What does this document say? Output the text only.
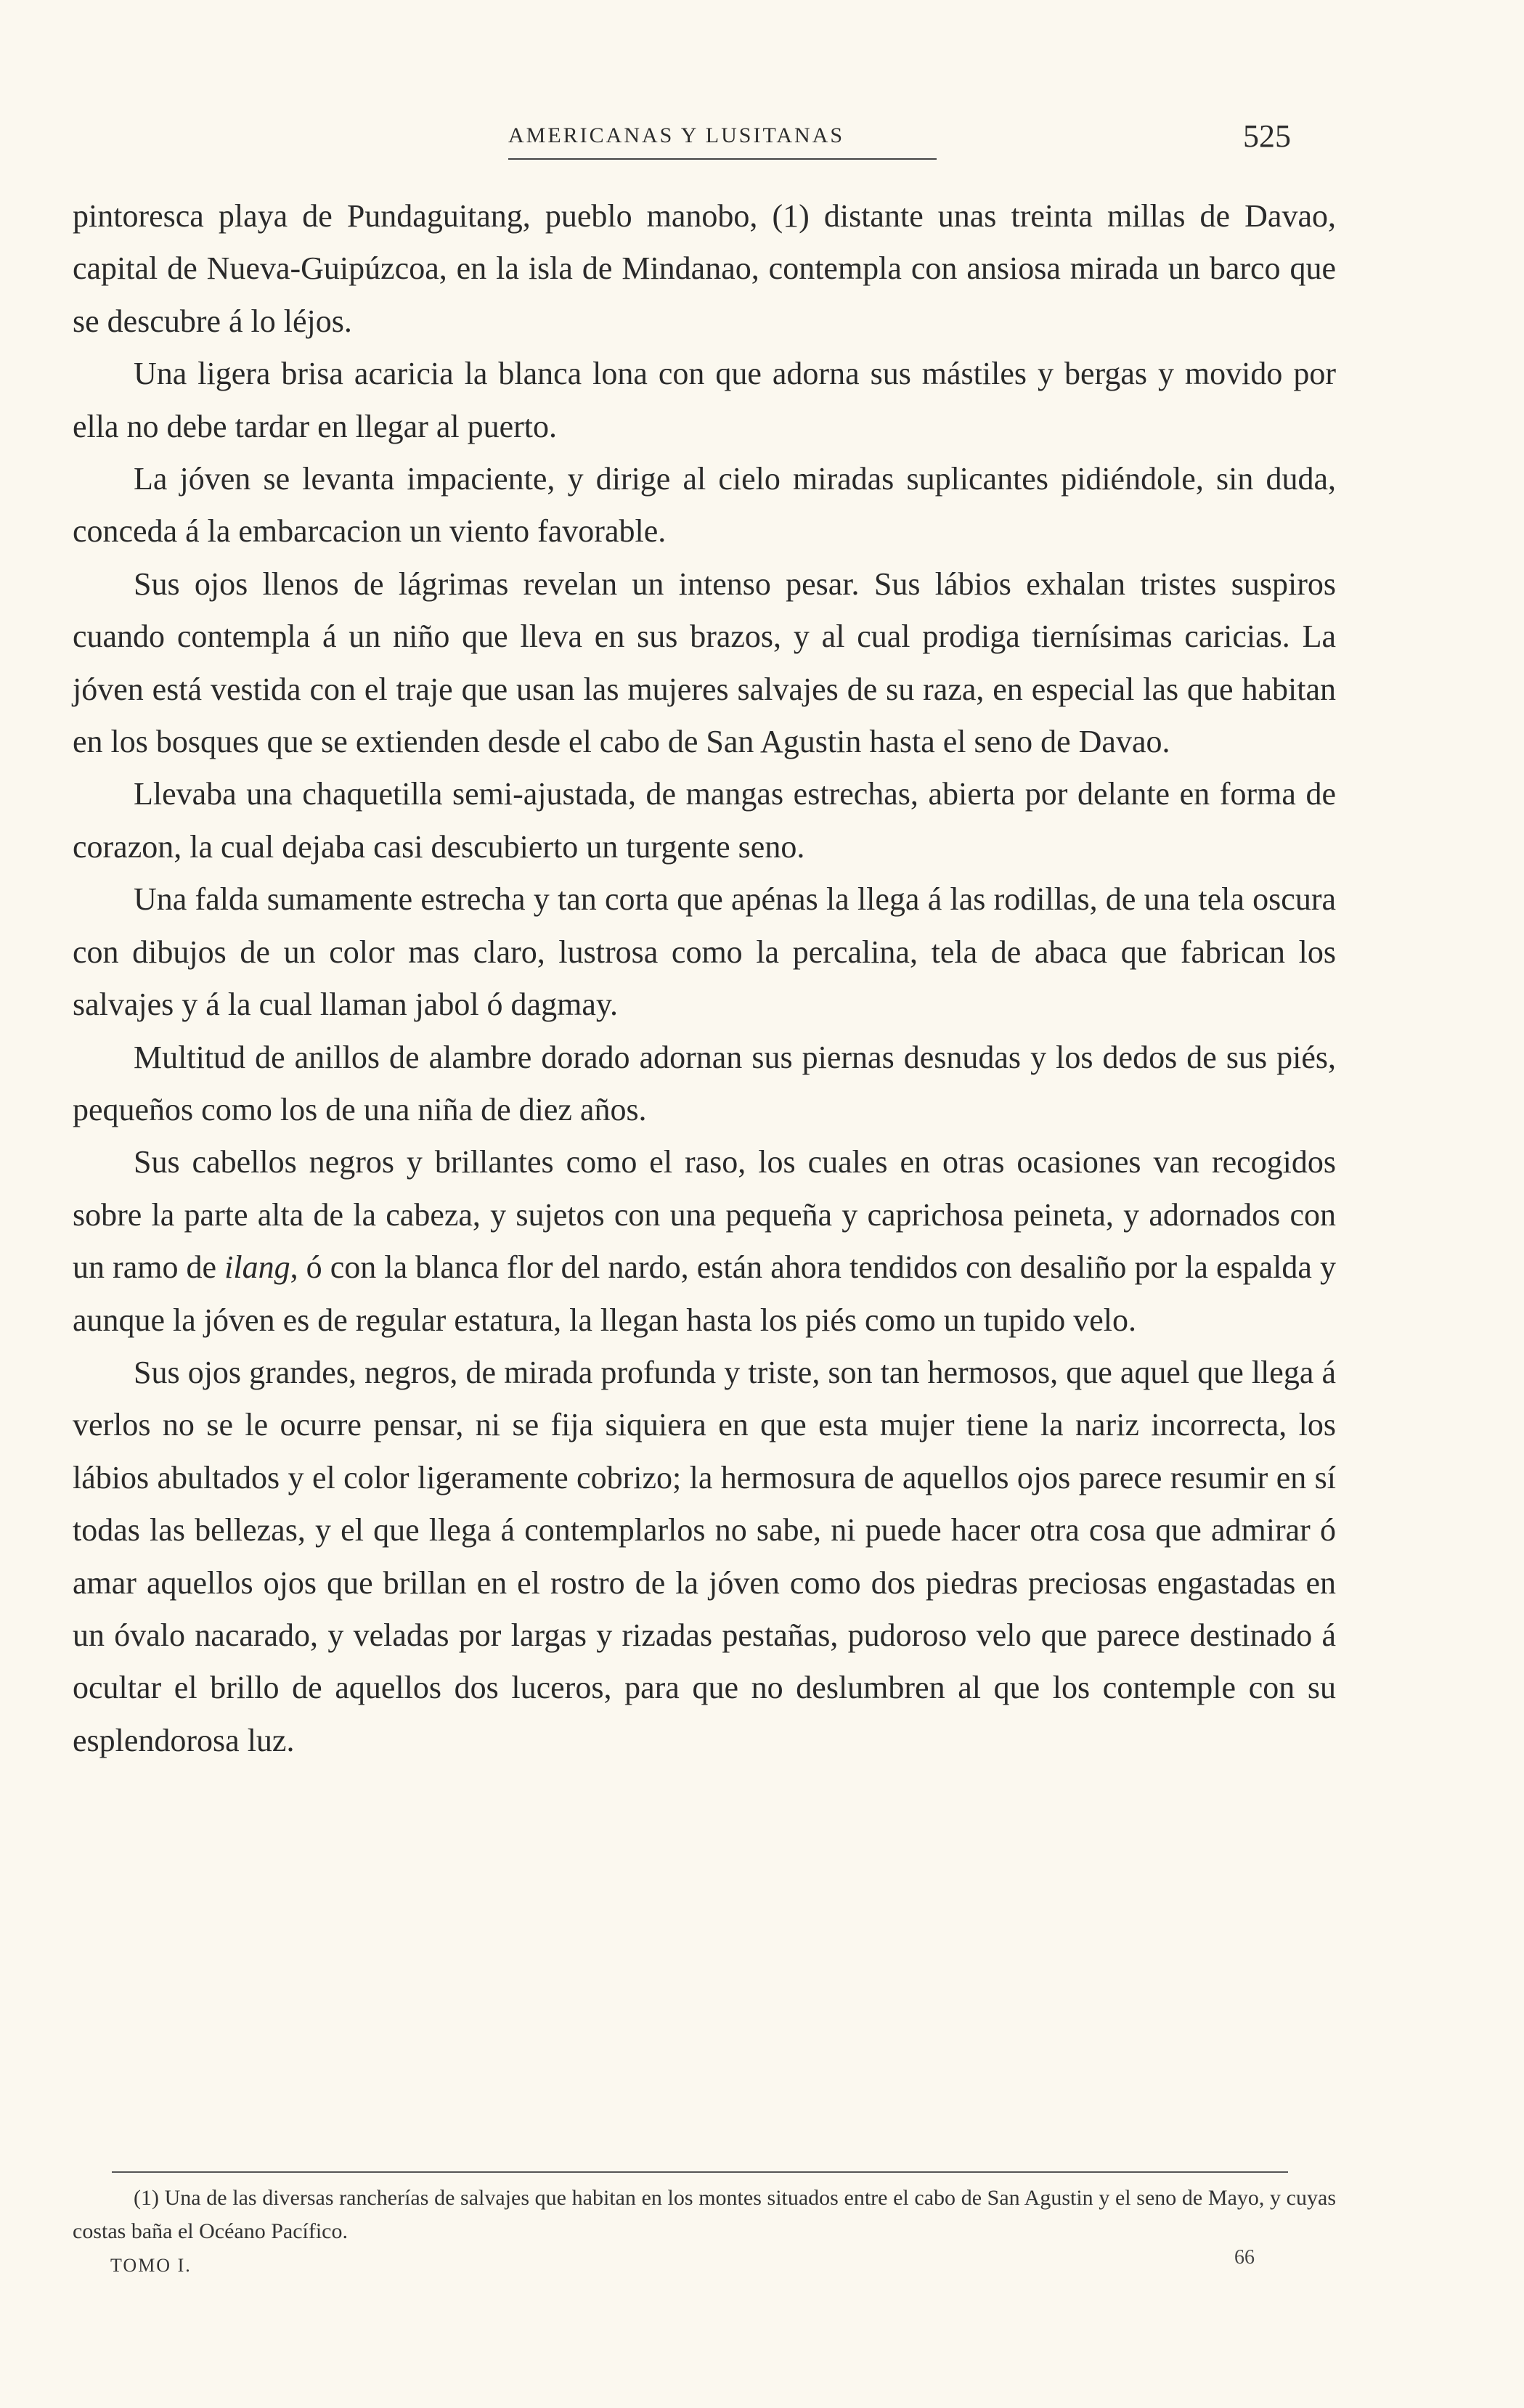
AMERICANAS Y LUSITANAS	525

pintoresca playa de Pundaguitang, pueblo manobo, (1) distante unas treinta millas de Davao, capital de Nueva-Guipúzcoa, en la isla de Mindanao, contempla con ansiosa mirada un barco que se descubre á lo léjos.

Una ligera brisa acaricia la blanca lona con que adorna sus mástiles y bergas y movido por ella no debe tardar en llegar al puerto.

La jóven se levanta impaciente, y dirige al cielo miradas suplicantes pidiéndole, sin duda, conceda á la embarcacion un viento favorable.

Sus ojos llenos de lágrimas revelan un intenso pesar. Sus lábios exhalan tristes suspiros cuando contempla á un niño que lleva en sus brazos, y al cual prodiga tiernísimas caricias. La jóven está vestida con el traje que usan las mujeres salvajes de su raza, en especial las que habitan en los bosques que se extienden desde el cabo de San Agustin hasta el seno de Davao.

Llevaba una chaquetilla semi-ajustada, de mangas estrechas, abierta por delante en forma de corazon, la cual dejaba casi descubierto un turgente seno.

Una falda sumamente estrecha y tan corta que apénas la llega á las rodillas, de una tela oscura con dibujos de un color mas claro, lustrosa como la percalina, tela de abaca que fabrican los salvajes y á la cual llaman jabol ó dagmay.

Multitud de anillos de alambre dorado adornan sus piernas desnudas y los dedos de sus piés, pequeños como los de una niña de diez años.

Sus cabellos negros y brillantes como el raso, los cuales en otras ocasiones van recogidos sobre la parte alta de la cabeza, y sujetos con una pequeña y caprichosa peineta, y adornados con un ramo de ilang, ó con la blanca flor del nardo, están ahora tendidos con desaliño por la espalda y aunque la jóven es de regular estatura, la llegan hasta los piés como un tupido velo.

Sus ojos grandes, negros, de mirada profunda y triste, son tan hermosos, que aquel que llega á verlos no se le ocurre pensar, ni se fija siquiera en que esta mujer tiene la nariz incorrecta, los lábios abultados y el color ligeramente cobrizo; la hermosura de aquellos ojos parece resumir en sí todas las bellezas, y el que llega á contemplarlos no sabe, ni puede hacer otra cosa que admirar ó amar aquellos ojos que brillan en el rostro de la jóven como dos piedras preciosas engastadas en un óvalo nacarado, y veladas por largas y rizadas pestañas, pudoroso velo que parece destinado á ocultar el brillo de aquellos dos luceros, para que no deslumbren al que los contemple con su esplendorosa luz.

(1) Una de las diversas rancherías de salvajes que habitan en los montes situados entre el cabo de San Agustin y el seno de Mayo, y cuyas costas baña el Océano Pacífico.
TOMO I.	66
